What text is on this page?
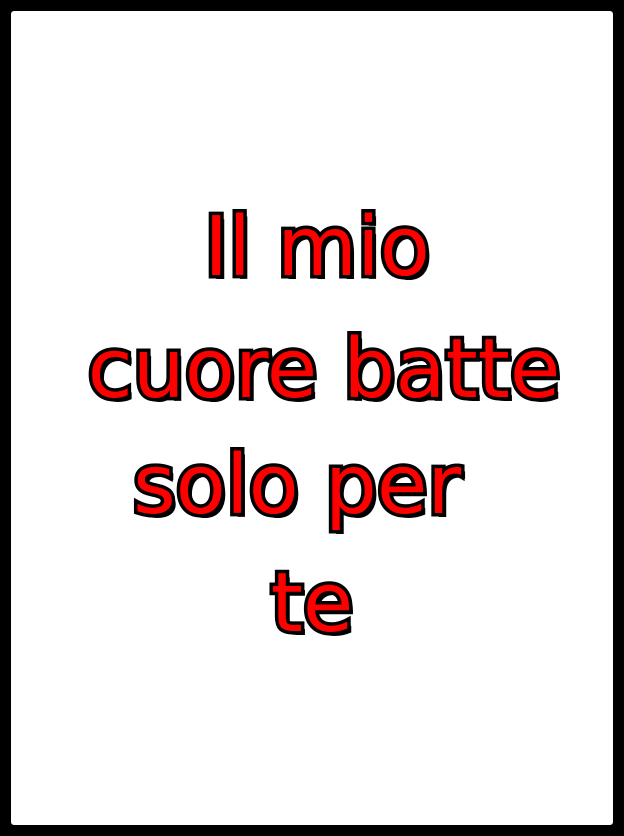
Il mio
cuore batte
solo per
te
